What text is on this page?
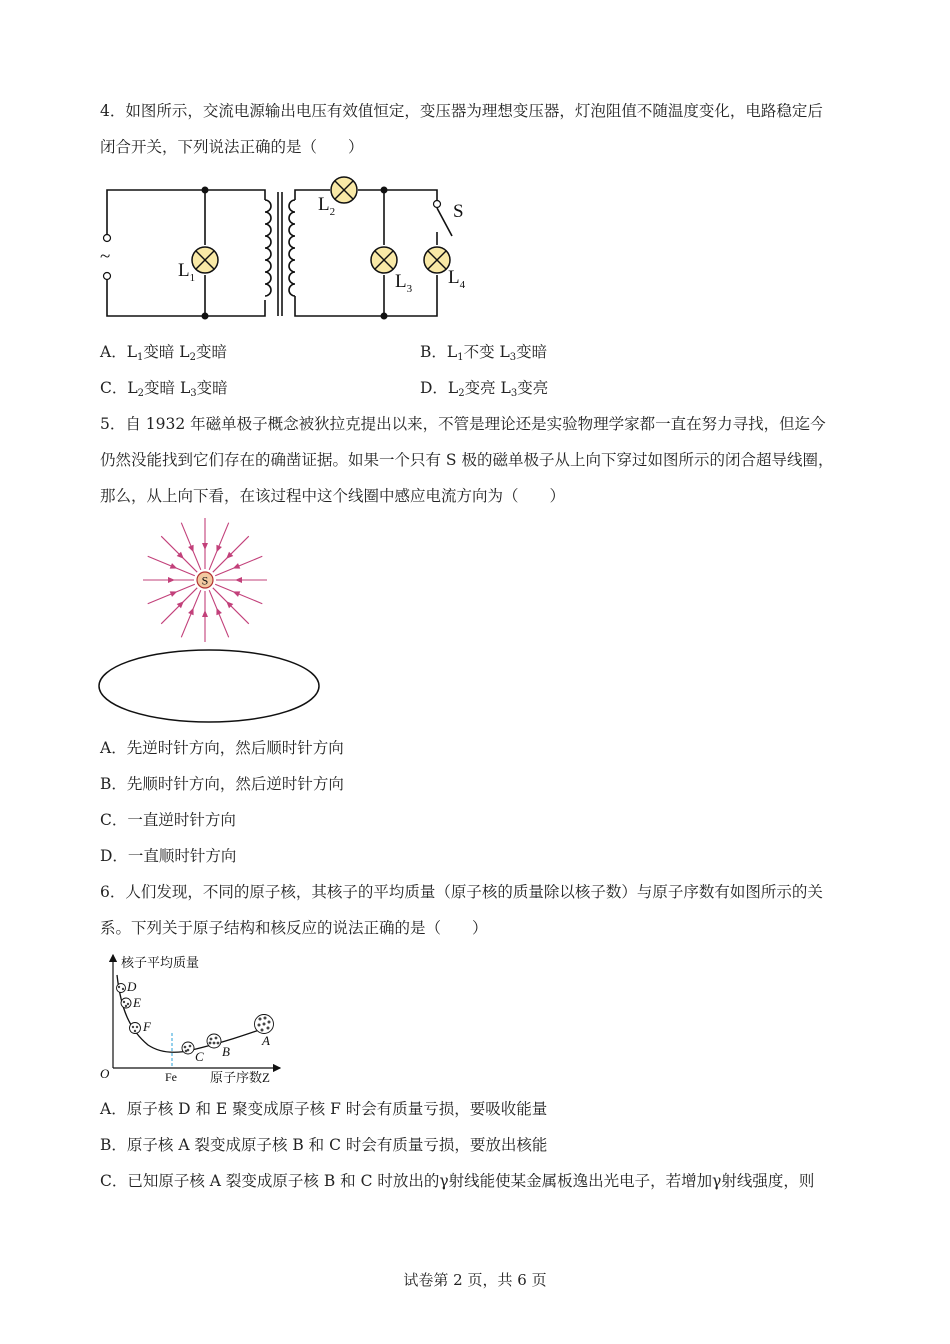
4．如图所示，交流电源输出电压有效值恒定，变压器为理想变压器，灯泡阻值不随温度变化，电路稳定后
闭合开关，下列说法正确的是（　　）
~
$L_1$
$L_2$
$L_3$
$L_4$
S
A．$L_1$变暗 $L_2$变暗	B．$L_1$不变 $L_3$变暗
C．$L_2$变暗 $L_3$变暗	D．$L_2$变亮 $L_3$变亮
5．自 1932 年磁单极子概念被狄拉克提出以来，不管是理论还是实验物理学家都一直在努力寻找，但迄今
仍然没能找到它们存在的确凿证据。如果一个只有 S 极的磁单极子从上向下穿过如图所示的闭合超导线圈，
那么，从上向下看，在该过程中这个线圈中感应电流方向为（　　）
S
A．先逆时针方向，然后顺时针方向
B．先顺时针方向，然后逆时针方向
C．一直逆时针方向
D．一直顺时针方向
6．人们发现，不同的原子核，其核子的平均质量（原子核的质量除以核子数）与原子序数有如图所示的关
系。下列关于原子结构和核反应的说法正确的是（　　）
核子平均质量
O	Fe	原子序数Z
D
E
F
C B
A
A．原子核 D 和 E 聚变成原子核 F 时会有质量亏损，要吸收能量
B．原子核 A 裂变成原子核 B 和 C 时会有质量亏损，要放出核能
C．已知原子核 A 裂变成原子核 B 和 C 时放出的γ射线能使某金属板逸出光电子，若增加γ射线强度，则
试卷第 2 页，共 6 页
